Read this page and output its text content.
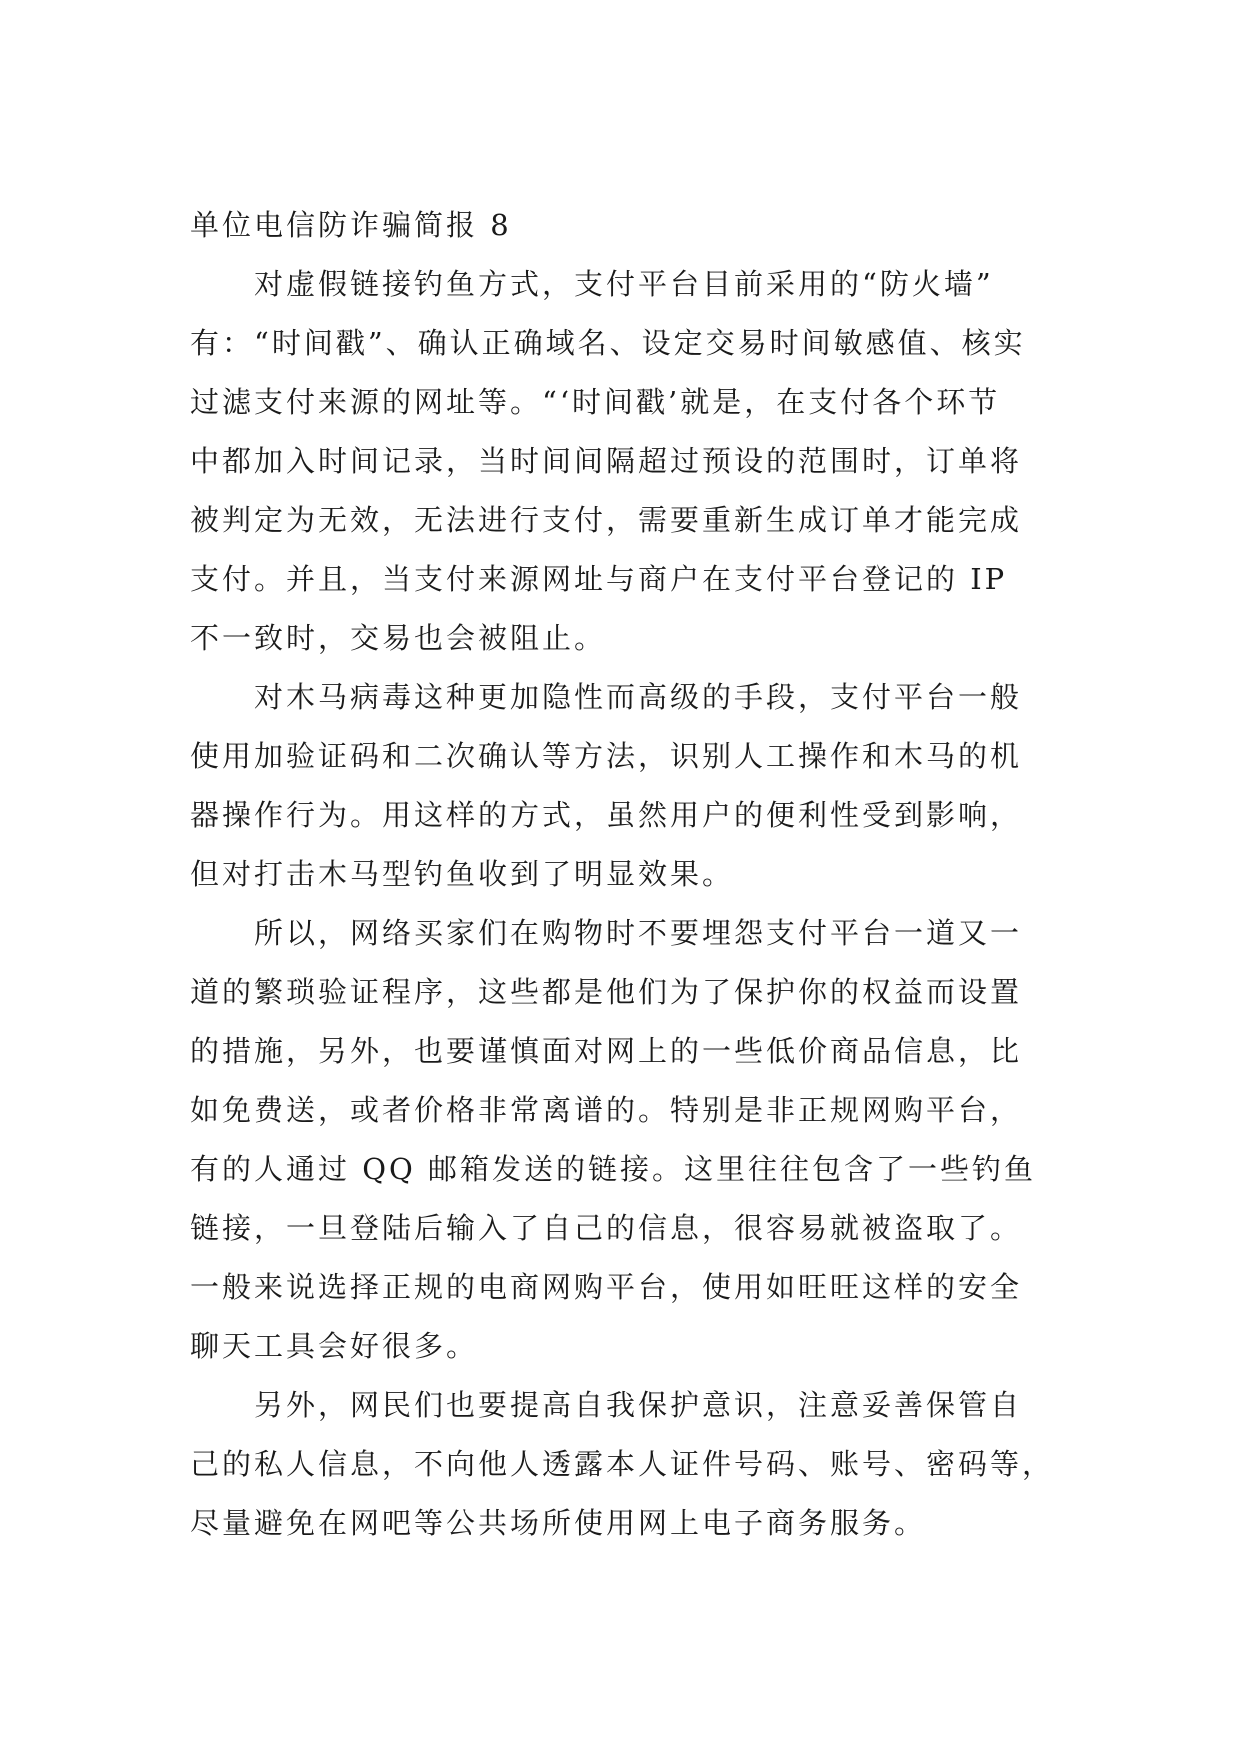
单位电信防诈骗简报 8
对虚假链接钓鱼方式，支付平台目前采用的“防火墙”
有：“时间戳”、确认正确域名、设定交易时间敏感值、核实
过滤支付来源的网址等。“‘时间戳’就是，在支付各个环节
中都加入时间记录，当时间间隔超过预设的范围时，订单将
被判定为无效，无法进行支付，需要重新生成订单才能完成
支付。并且，当支付来源网址与商户在支付平台登记的 IP
不一致时，交易也会被阻止。
对木马病毒这种更加隐性而高级的手段，支付平台一般
使用加验证码和二次确认等方法，识别人工操作和木马的机
器操作行为。用这样的方式，虽然用户的便利性受到影响，
但对打击木马型钓鱼收到了明显效果。
所以，网络买家们在购物时不要埋怨支付平台一道又一
道的繁琐验证程序，这些都是他们为了保护你的权益而设置
的措施，另外，也要谨慎面对网上的一些低价商品信息，比
如免费送，或者价格非常离谱的。特别是非正规网购平台，
有的人通过 QQ 邮箱发送的链接。这里往往包含了一些钓鱼
链接，一旦登陆后输入了自己的信息，很容易就被盗取了。
一般来说选择正规的电商网购平台，使用如旺旺这样的安全
聊天工具会好很多。
另外，网民们也要提高自我保护意识，注意妥善保管自
己的私人信息，不向他人透露本人证件号码、账号、密码等，
尽量避免在网吧等公共场所使用网上电子商务服务。
